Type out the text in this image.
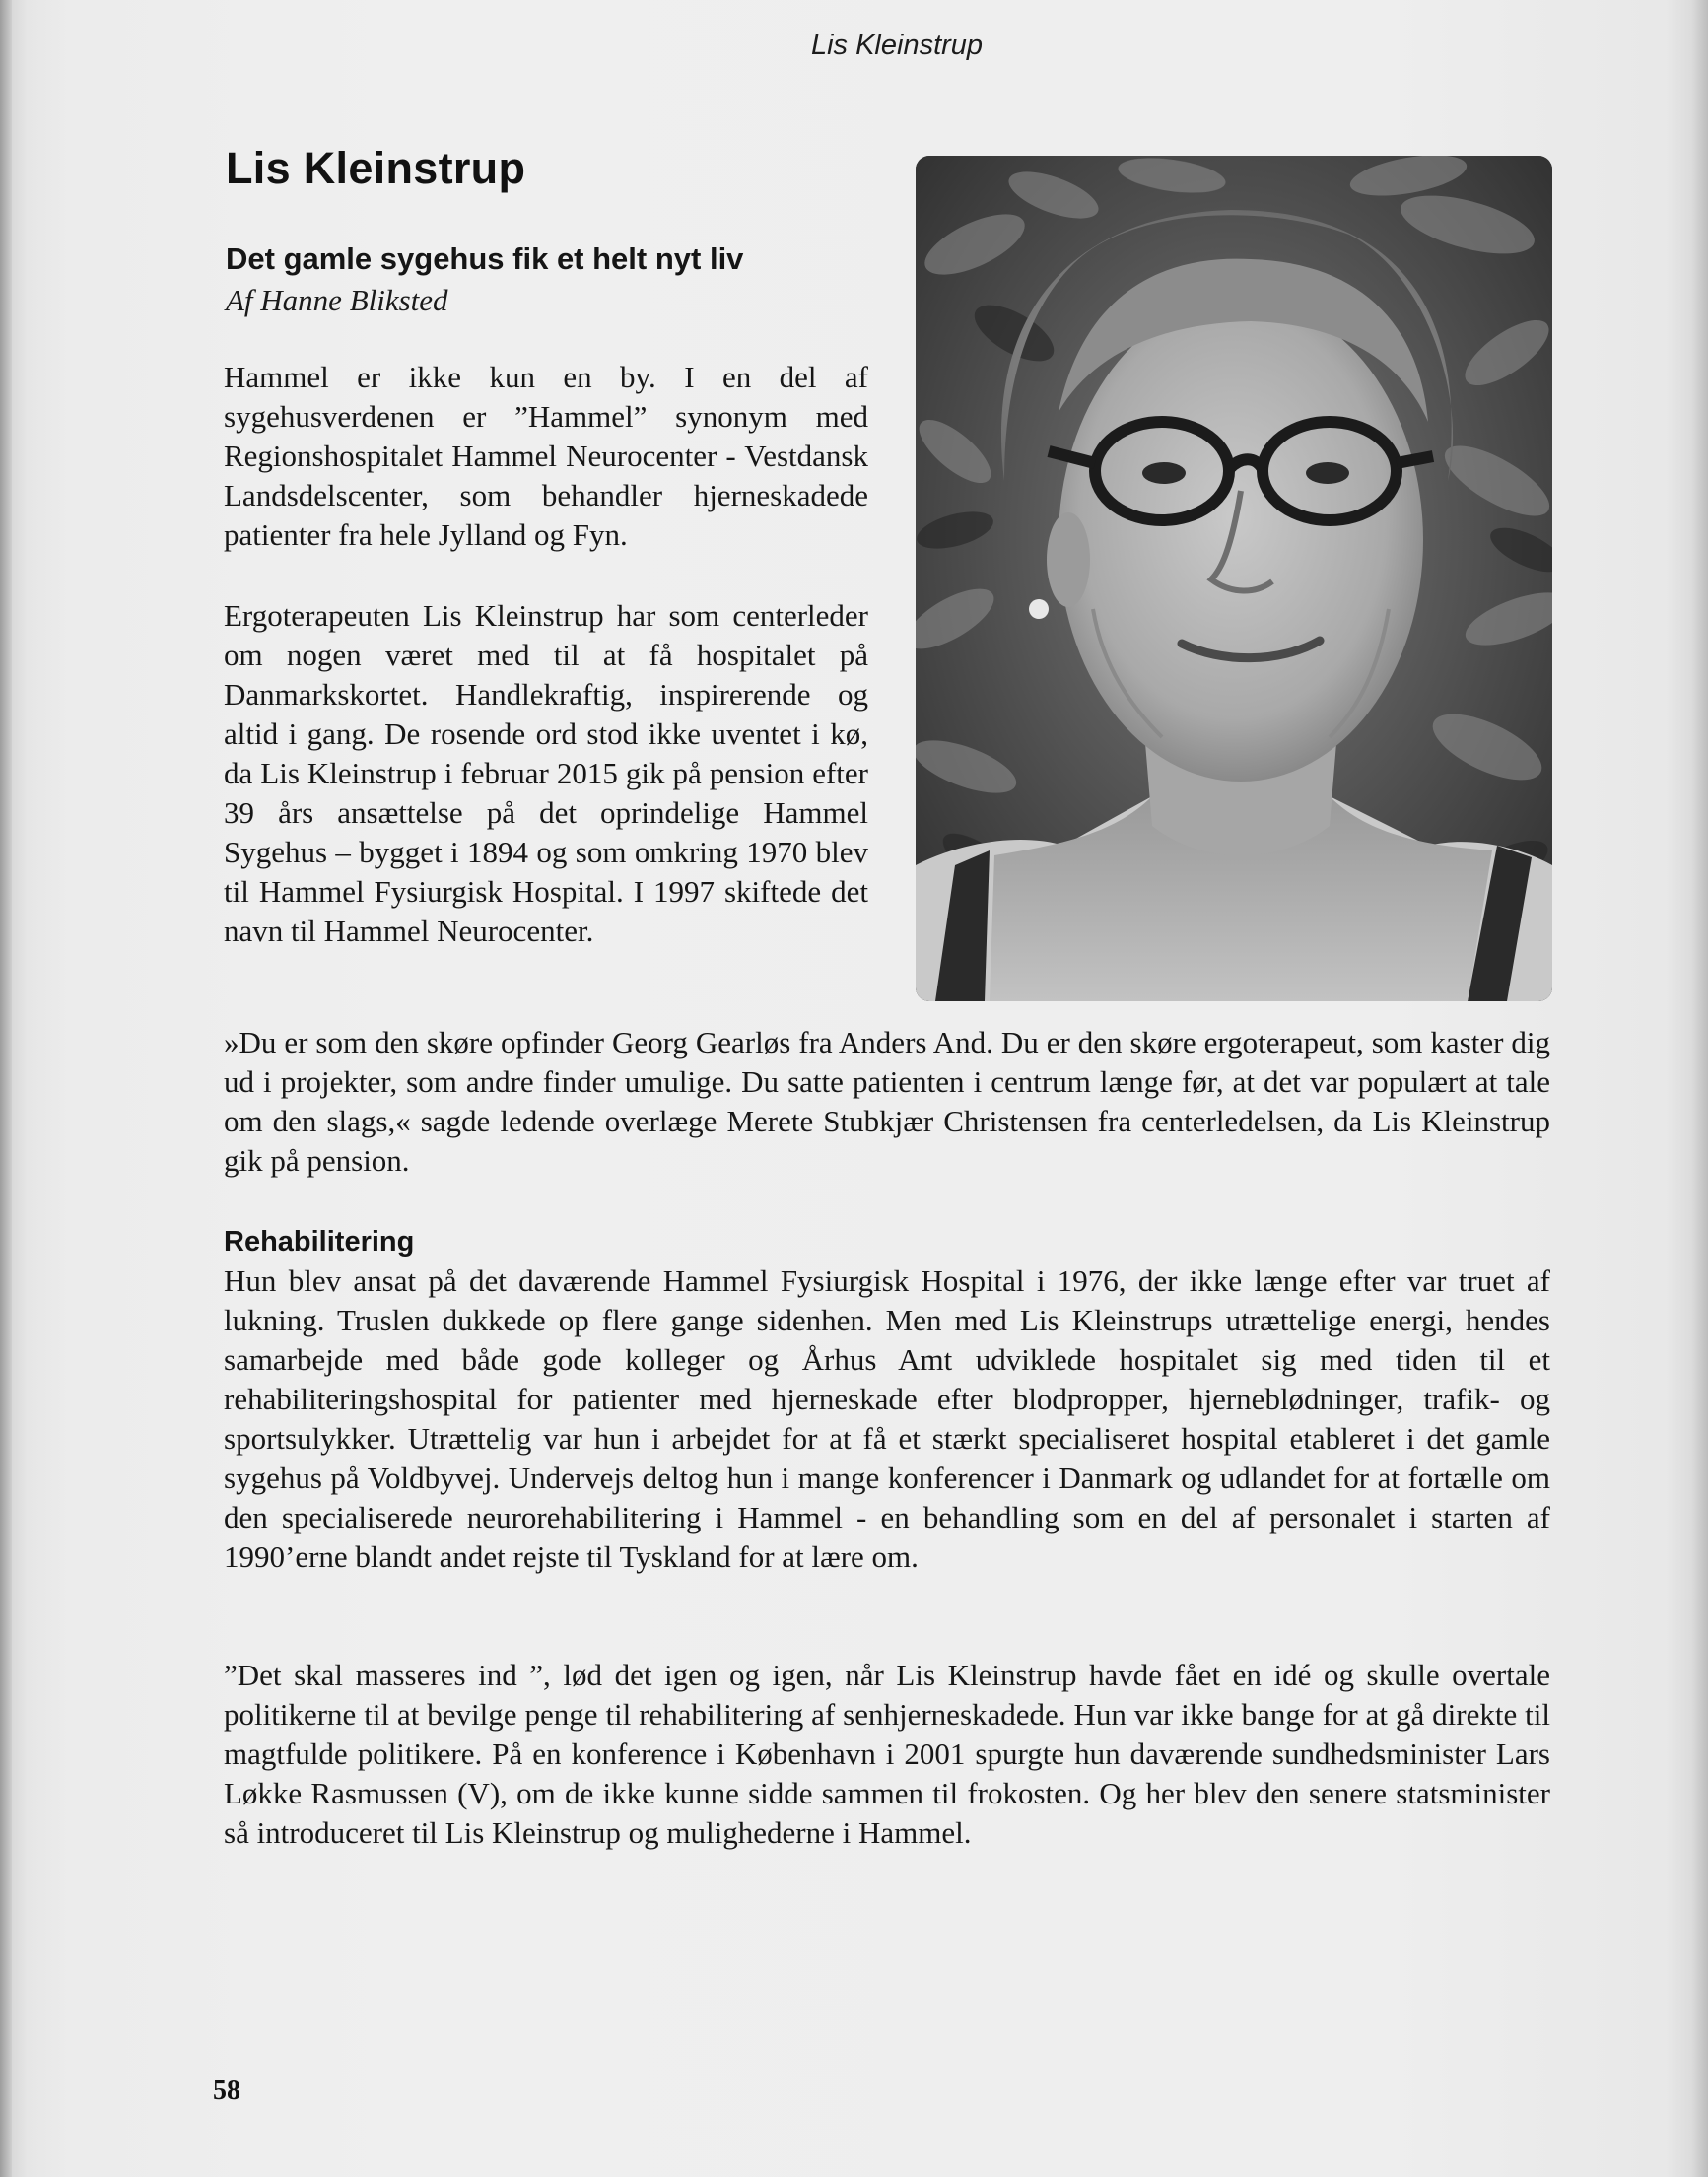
Lis Kleinstrup
Lis Kleinstrup
Det gamle sygehus fik et helt nyt liv
Af Hanne Bliksted

Hammel er ikke kun en by. I en del af sygehusverdenen er ”Hammel” synonym med Regionshospitalet Hammel Neurocenter - Vestdansk Landsdelscenter, som behandler hjerneskadede patienter fra hele Jylland og Fyn.

Ergoterapeuten Lis Kleinstrup har som centerleder om nogen været med til at få hospitalet på Danmarkskortet. Handlekraftig, inspirerende og altid i gang. De rosende ord stod ikke uventet i kø, da Lis Kleinstrup i februar 2015 gik på pension efter 39 års ansættelse på det oprindelige Hammel Sygehus – bygget i 1894 og som omkring 1970 blev til Hammel Fysiurgisk Hospital. I 1997 skiftede det navn til Hammel Neurocenter.

»Du er som den skøre opfinder Georg Gearløs fra Anders And. Du er den skøre ergoterapeut, som kaster dig ud i projekter, som andre finder umulige. Du satte patienten i centrum længe før, at det var populært at tale om den slags,« sagde ledende overlæge Merete Stubkjær Christensen fra centerledelsen, da Lis Kleinstrup gik på pension.

Rehabilitering

Hun blev ansat på det daværende Hammel Fysiurgisk Hospital i 1976, der ikke længe efter var truet af lukning. Truslen dukkede op flere gange sidenhen. Men med Lis Kleinstrups utrættelige energi, hendes samarbejde med både gode kolleger og Århus Amt udviklede hospitalet sig med tiden til et rehabiliteringshospital for patienter med hjerneskade efter blodpropper, hjerneblødninger, trafik- og sportsulykker. Utrættelig var hun i arbejdet for at få et stærkt specialiseret hospital etableret i det gamle sygehus på Voldbyvej. Undervejs deltog hun i mange konferencer i Danmark og udlandet for at fortælle om den specialiserede neurorehabilitering i Hammel - en behandling som en del af personalet i starten af 1990’erne blandt andet rejste til Tyskland for at lære om.

”Det skal masseres ind ”, lød det igen og igen, når Lis Kleinstrup havde fået en idé og skulle overtale politikerne til at bevilge penge til rehabilitering af senhjerneskadede. Hun var ikke bange for at gå direkte til magtfulde politikere. På en konference i København i 2001 spurgte hun daværende sundhedsminister Lars Løkke Rasmussen (V), om de ikke kunne sidde sammen til frokosten. Og her blev den senere statsminister så introduceret til Lis Kleinstrup og mulighederne i Hammel.

58
